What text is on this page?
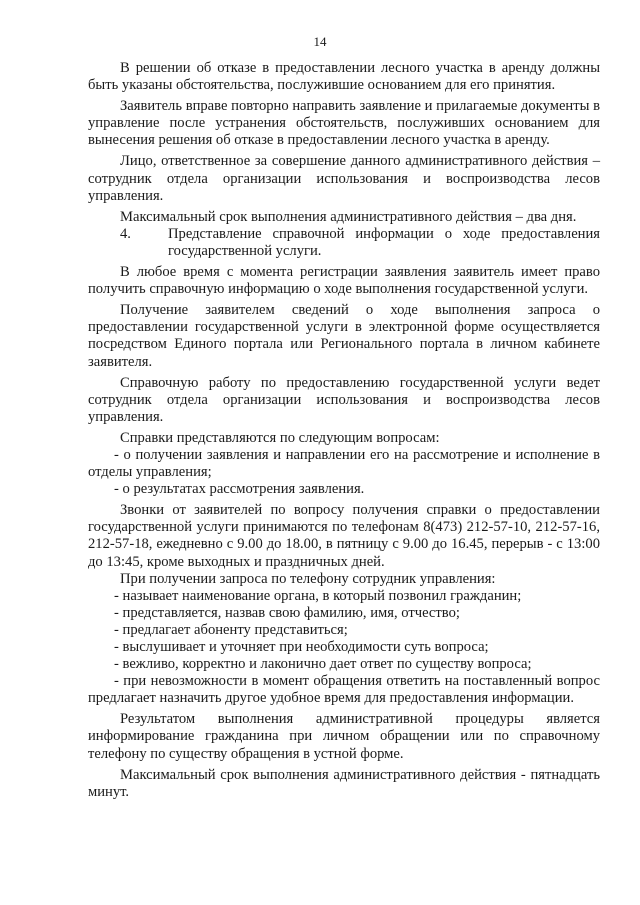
14

В решении об отказе в предоставлении лесного участка в аренду должны быть указаны обстоятельства, послужившие основанием для его принятия.

Заявитель вправе повторно направить заявление и прилагаемые документы в управление после устранения обстоятельств, послуживших основанием для вынесения решения об отказе в предоставлении лесного участка в аренду.

Лицо, ответственное за совершение данного административного действия – сотрудник отдела организации использования и воспроизводства лесов управления.

Максимальный срок выполнения административного действия – два дня.

4.	Представление справочной информации о ходе предоставления государственной услуги.

В любое время с момента регистрации заявления заявитель имеет право получить справочную информацию о ходе выполнения государственной услуги.

Получение заявителем сведений о ходе выполнения запроса о предоставлении государственной услуги в электронной форме осуществляется посредством Единого портала или Регионального портала в личном кабинете заявителя.

Справочную работу по предоставлению государственной услуги ведет сотрудник отдела организации использования и воспроизводства лесов управления.

Справки представляются по следующим вопросам:

- о получении заявления и направлении его на рассмотрение и исполнение в отделы управления;

- о результатах рассмотрения заявления.

Звонки от заявителей по вопросу получения справки о предоставлении государственной услуги принимаются по телефонам 8(473) 212-57-10, 212-57-16, 212-57-18, ежедневно с 9.00 до 18.00, в пятницу с 9.00 до 16.45, перерыв - с 13:00 до 13:45, кроме выходных и праздничных дней.

При получении запроса по телефону сотрудник управления:

- называет наименование органа, в который позвонил гражданин;

- представляется, назвав свою фамилию, имя, отчество;

- предлагает абоненту представиться;

- выслушивает и уточняет при необходимости суть вопроса;

- вежливо, корректно и лаконично дает ответ по существу вопроса;

- при невозможности в момент обращения ответить на поставленный вопрос предлагает назначить другое удобное время для предоставления информации.

Результатом выполнения административной процедуры является информирование гражданина при личном обращении или по справочному телефону по существу обращения в устной форме.

Максимальный срок выполнения административного действия - пятнадцать минут.
